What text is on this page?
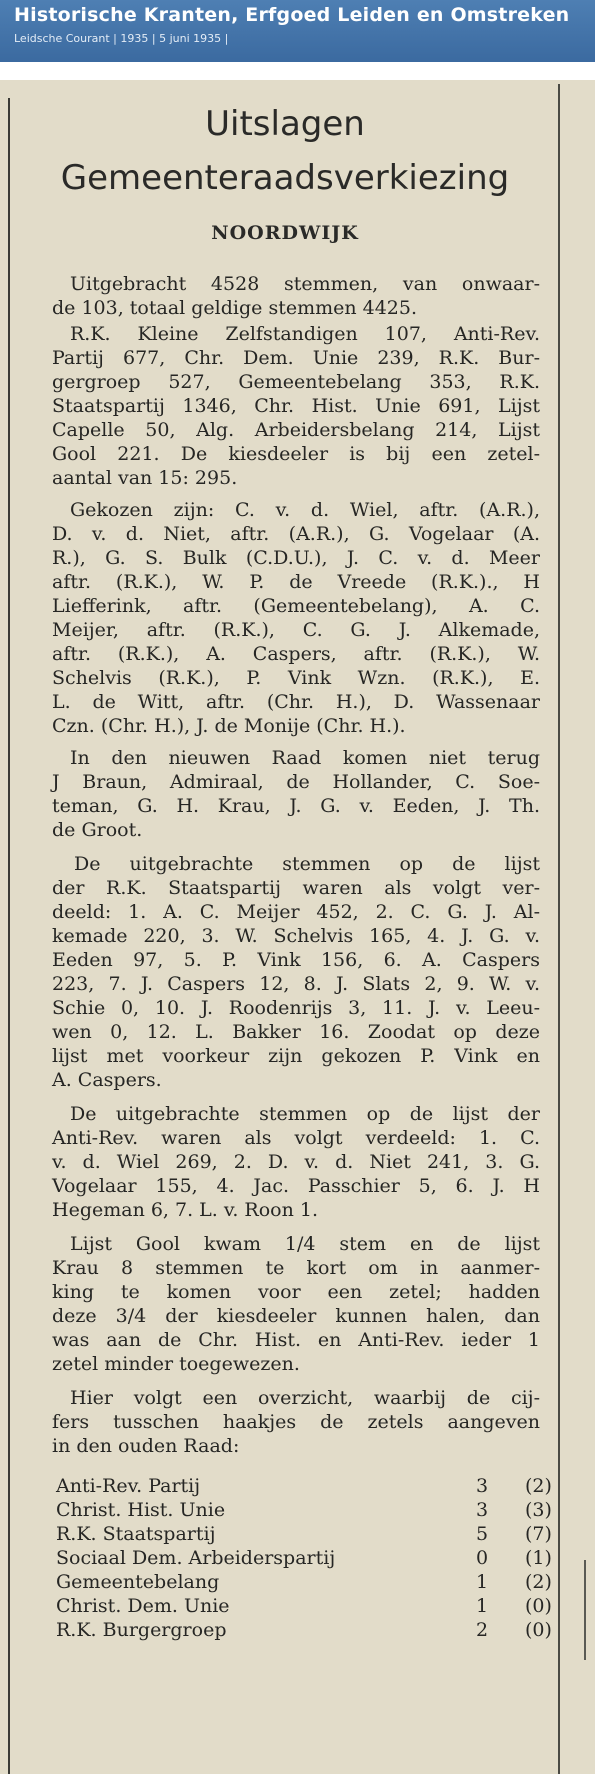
Historische Kranten, Erfgoed Leiden en Omstreken
Leidsche Courant | 1935 | 5 juni 1935 |
Uitslagen
Gemeenteraadsverkiezing
NOORDWIJK
Uitgebracht 4528 stemmen, van onwaar-
de 103, totaal geldige stemmen 4425.
R.K. Kleine Zelfstandigen 107, Anti-Rev.
Partij 677, Chr. Dem. Unie 239, R.K. Bur-
gergroep 527, Gemeentebelang 353, R.K.
Staatspartij 1346, Chr. Hist. Unie 691, Lijst
Capelle 50, Alg. Arbeidersbelang 214, Lijst
Gool 221. De kiesdeeler is bij een zetel-
aantal van 15: 295.
Gekozen zijn: C. v. d. Wiel, aftr. (A.R.),
D. v. d. Niet, aftr. (A.R.), G. Vogelaar (A.
R.), G. S. Bulk (C.D.U.), J. C. v. d. Meer
aftr. (R.K.), W. P. de Vreede (R.K.)., H
Liefferink, aftr. (Gemeentebelang), A. C.
Meijer, aftr. (R.K.), C. G. J. Alkemade,
aftr. (R.K.), A. Caspers, aftr. (R.K.), W.
Schelvis (R.K.), P. Vink Wzn. (R.K.), E.
L. de Witt, aftr. (Chr. H.), D. Wassenaar
Czn. (Chr. H.), J. de Monije (Chr. H.).
In den nieuwen Raad komen niet terug
J Braun, Admiraal, de Hollander, C. Soe-
teman, G. H. Krau, J. G. v. Eeden, J. Th.
de Groot.
De uitgebrachte stemmen op de lijst
der R.K. Staatspartij waren als volgt ver-
deeld: 1. A. C. Meijer 452, 2. C. G. J. Al-
kemade 220, 3. W. Schelvis 165, 4. J. G. v.
Eeden 97, 5. P. Vink 156, 6. A. Caspers
223, 7. J. Caspers 12, 8. J. Slats 2, 9. W. v.
Schie 0, 10. J. Roodenrijs 3, 11. J. v. Leeu-
wen 0, 12. L. Bakker 16. Zoodat op deze
lijst met voorkeur zijn gekozen P. Vink en
A. Caspers.
De uitgebrachte stemmen op de lijst der
Anti-Rev. waren als volgt verdeeld: 1. C.
v. d. Wiel 269, 2. D. v. d. Niet 241, 3. G.
Vogelaar 155, 4. Jac. Passchier 5, 6. J. H
Hegeman 6, 7. L. v. Roon 1.
Lijst Gool kwam 1/4 stem en de lijst
Krau 8 stemmen te kort om in aanmer-
king te komen voor een zetel; hadden
deze 3/4 der kiesdeeler kunnen halen, dan
was aan de Chr. Hist. en Anti-Rev. ieder 1
zetel minder toegewezen.
Hier volgt een overzicht, waarbij de cij-
fers tusschen haakjes de zetels aangeven
in den ouden Raad:
Anti-Rev. Partij	3	(2)
Christ. Hist. Unie	3	(3)
R.K. Staatspartij	5	(7)
Sociaal Dem. Arbeiderspartij	0	(1)
Gemeentebelang	1	(2)
Christ. Dem. Unie	1	(0)
R.K. Burgergroep	2	(0)
